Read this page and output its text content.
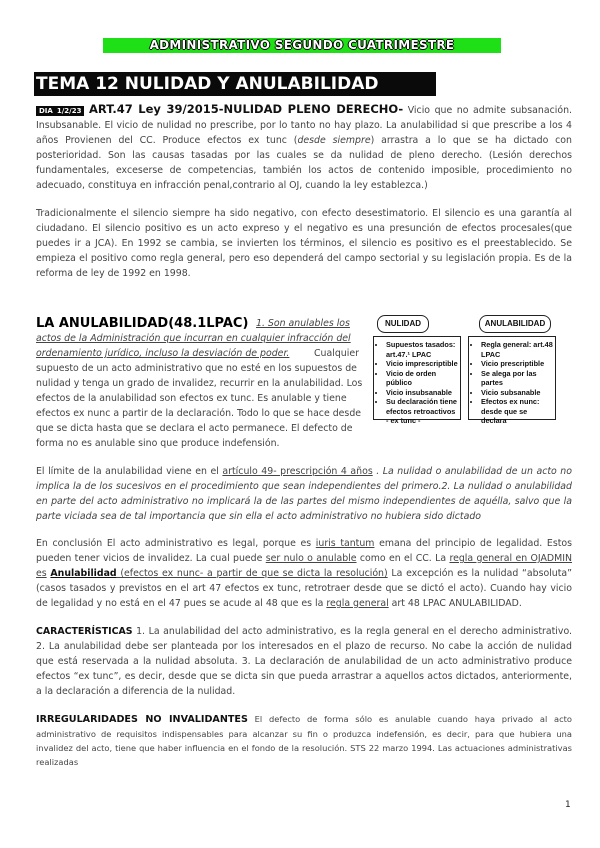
ADMINISTRATIVO SEGUNDO CUATRIMESTRE
TEMA 12 NULIDAD Y ANULABILIDAD

DIA 1/2/23 ART.47 Ley 39/2015-NULIDAD PLENO DERECHO- Vicio que no admite subsanación. Insubsanable. El vicio de nulidad no prescribe, por lo tanto no hay plazo. La anulabilidad si que prescribe a los 4 años Provienen del CC. Produce efectos ex tunc (desde siempre) arrastra a lo que se ha dictado con posterioridad. Son las causas tasadas por las cuales se da nulidad de pleno derecho. (Lesión derechos fundamentales, exceserse de competencias, también los actos de contenido imposible, procedimiento no adecuado, constituya en infracción penal,contrario al OJ, cuando la ley establezca.)

Tradicionalmente el silencio siempre ha sido negativo, con efecto desestimatorio. El silencio es una garantía al ciudadano. El silencio positivo es un acto expreso y el negativo es una presunción de efectos procesales(que puedes ir a JCA). En 1992 se cambia, se invierten los términos, el silencio es positivo es el preestablecido. Se empieza el positivo como regla general, pero eso dependerá del campo sectorial y su legislación propia. Es de la reforma de ley de 1992 en 1998.

LA ANULABILIDAD(48.1LPAC) 1. Son anulables los
actos de la Administración que incurran en cualquier infracción del
ordenamiento jurídico, incluso la desviación de poder.	Cualquier
supuesto de un acto administrativo que no esté en los supuestos de
nulidad y tenga un grado de invalidez, recurrir en la anulabilidad. Los
efectos de la anulabilidad son efectos ex tunc. Es anulable y tiene
efectos ex nunc a partir de la declaración. Todo lo que se hace desde
que se dicta hasta que se declara el acto permanece. El defecto de
forma no es anulable sino que produce indefensión.
NULIDAD	ANULABILIDAD
• Supuestos tasados: art.47.¹ LPAC
• Vicio imprescriptible
• Vicio de orden público
• Vicio insubsanable
• Su declaración tiene efectos retroactivos - ex tunc -
• Regla general: art.48 LPAC
• Vicio prescriptible
• Se alega por las partes
• Vicio subsanable
• Efectos ex nunc: desde que se declara

El límite de la anulabilidad viene en el artículo 49- prescripción 4 años . La nulidad o anulabilidad de un acto no implica la de los sucesivos en el procedimiento que sean independientes del primero.2. La nulidad o anulabilidad en parte del acto administrativo no implicará la de las partes del mismo independientes de aquélla, salvo que la parte viciada sea de tal importancia que sin ella el acto administrativo no hubiera sido dictado

En conclusión El acto administrativo es legal, porque es iuris tantum emana del principio de legalidad. Estos pueden tener vicios de invalidez. La cual puede ser nulo o anulable como en el CC. La regla general en OJADMIN es Anulabilidad (efectos ex nunc- a partir de que se dicta la resolución) La excepción es la nulidad “absoluta” (casos tasados y previstos en el art 47 efectos ex tunc, retrotraer desde que se dictó el acto). Cuando hay vicio de legalidad y no está en el 47 pues se acude al 48 que es la regla general art 48 LPAC ANULABILIDAD.

CARACTERÍSTICAS 1. La anulabilidad del acto administrativo, es la regla general en el derecho administrativo. 2. La anulabilidad debe ser planteada por los interesados en el plazo de recurso. No cabe la acción de nulidad que está reservada a la nulidad absoluta. 3. La declaración de anulabilidad de un acto administrativo produce efectos “ex tunc”, es decir, desde que se dicta sin que pueda arrastrar a aquellos actos dictados, anteriormente, a la declaración a diferencia de la nulidad.

IRREGULARIDADES NO INVALIDANTES El defecto de forma sólo es anulable cuando haya privado al acto administrativo de requisitos indispensables para alcanzar su fin o produzca indefensión, es decir, para que hubiera una invalidez del acto, tiene que haber influencia en el fondo de la resolución. STS 22 marzo 1994. Las actuaciones administrativas realizadas

1
